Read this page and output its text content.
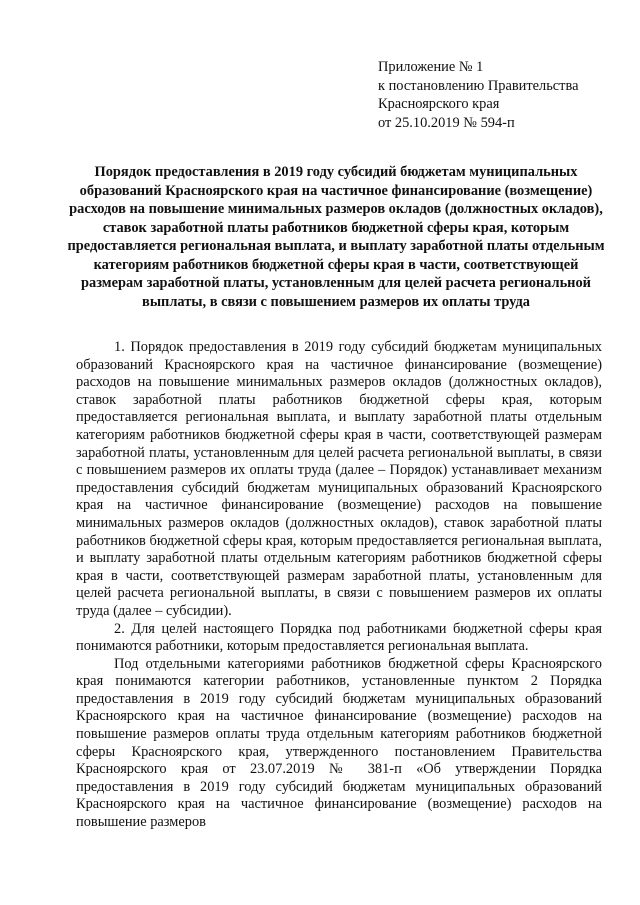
Приложение № 1
к постановлению Правительства
Красноярского края
от 25.10.2019 № 594-п
Порядок предоставления в 2019 году субсидий бюджетам муниципальных образований Красноярского края на частичное финансирование (возмещение) расходов на повышение минимальных размеров окладов (должностных окладов), ставок заработной платы работников бюджетной сферы края, которым предоставляется региональная выплата, и выплату заработной платы отдельным категориям работников бюджетной сферы края в части, соответствующей размерам заработной платы, установленным для целей расчета региональной выплаты, в связи с повышением размеров их оплаты труда

1. Порядок предоставления в 2019 году субсидий бюджетам муниципальных образований Красноярского края на частичное финансирование (возмещение) расходов на повышение минимальных размеров окладов (должностных окладов), ставок заработной платы работников бюджетной сферы края, которым предоставляется региональная выплата, и выплату заработной платы отдельным категориям работников бюджетной сферы края в части, соответствующей размерам заработной платы, установленным для целей расчета региональной выплаты, в связи с повышением размеров их оплаты труда (далее – Порядок) устанавливает механизм предоставления субсидий бюджетам муниципальных образований Красноярского края на частичное финансирование (возмещение) расходов на повышение минимальных размеров окладов (должностных окладов), ставок заработной платы работников бюджетной сферы края, которым предоставляется региональная выплата, и выплату заработной платы отдельным категориям работников бюджетной сферы края в части, соответствующей размерам заработной платы, установленным для целей расчета региональной выплаты, в связи с повышением размеров их оплаты труда (далее – субсидии).

2. Для целей настоящего Порядка под работниками бюджетной сферы края понимаются работники, которым предоставляется региональная выплата.

Под отдельными категориями работников бюджетной сферы Красноярского края понимаются категории работников, установленные пунктом 2 Порядка предоставления в 2019 году субсидий бюджетам муниципальных образований Красноярского края на частичное финансирование (возмещение) расходов на повышение размеров оплаты труда отдельным категориям работников бюджетной сферы Красноярского края, утвержденного постановлением Правительства Красноярского края от 23.07.2019 № 381-п «Об утверждении Порядка предоставления в 2019 году субсидий бюджетам муниципальных образований Красноярского края на частичное финансирование (возмещение) расходов на повышение размеров
